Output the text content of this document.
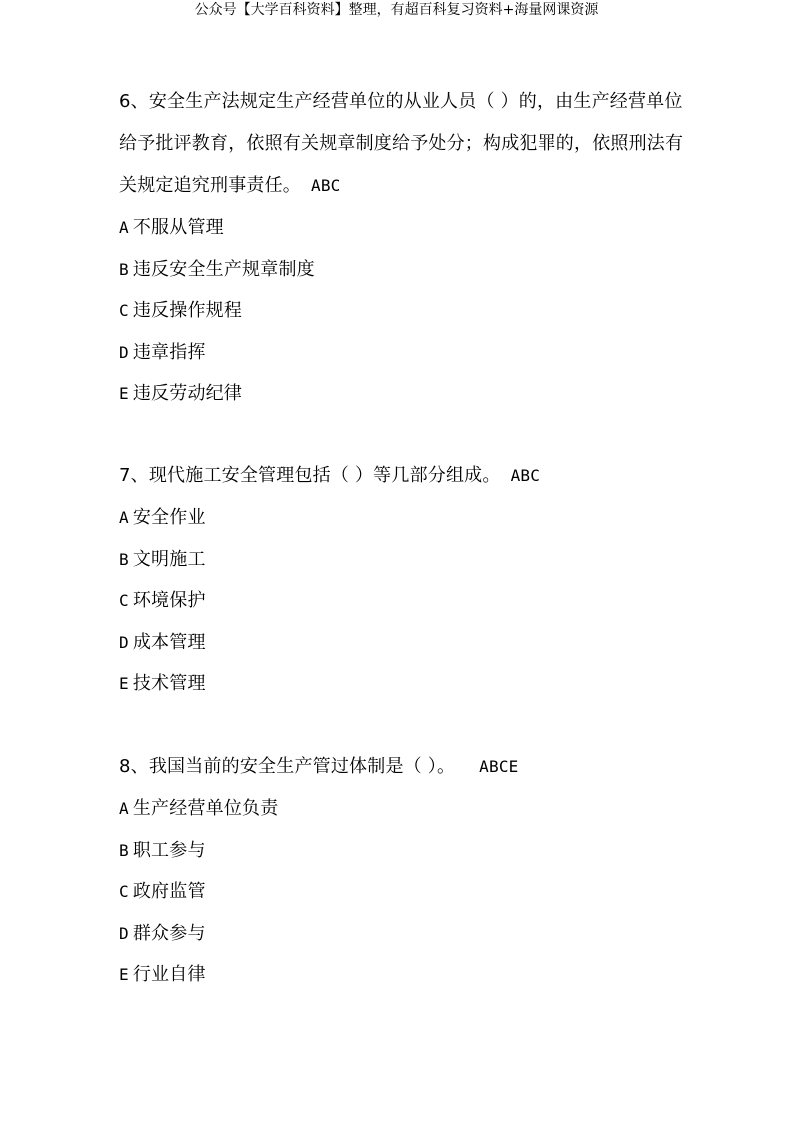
公众号【大学百科资料】整理，有超百科复习资料+海量网课资源

6、安全生产法规定生产经营单位的从业人员（ ）的，由生产经营单位给予批评教育，依照有关规章制度给予处分；构成犯罪的，依照刑法有关规定追究刑事责任。 ABC

A 不服从管理
B 违反安全生产规章制度
C 违反操作规程
D 违章指挥
E 违反劳动纪律

7、现代施工安全管理包括（ ）等几部分组成。 ABC

A 安全作业
B 文明施工
C 环境保护
D 成本管理
E 技术管理

8、我国当前的安全生产管过体制是（ ）。 ABCE

A 生产经营单位负责
B 职工参与
C 政府监管
D 群众参与
E 行业自律
